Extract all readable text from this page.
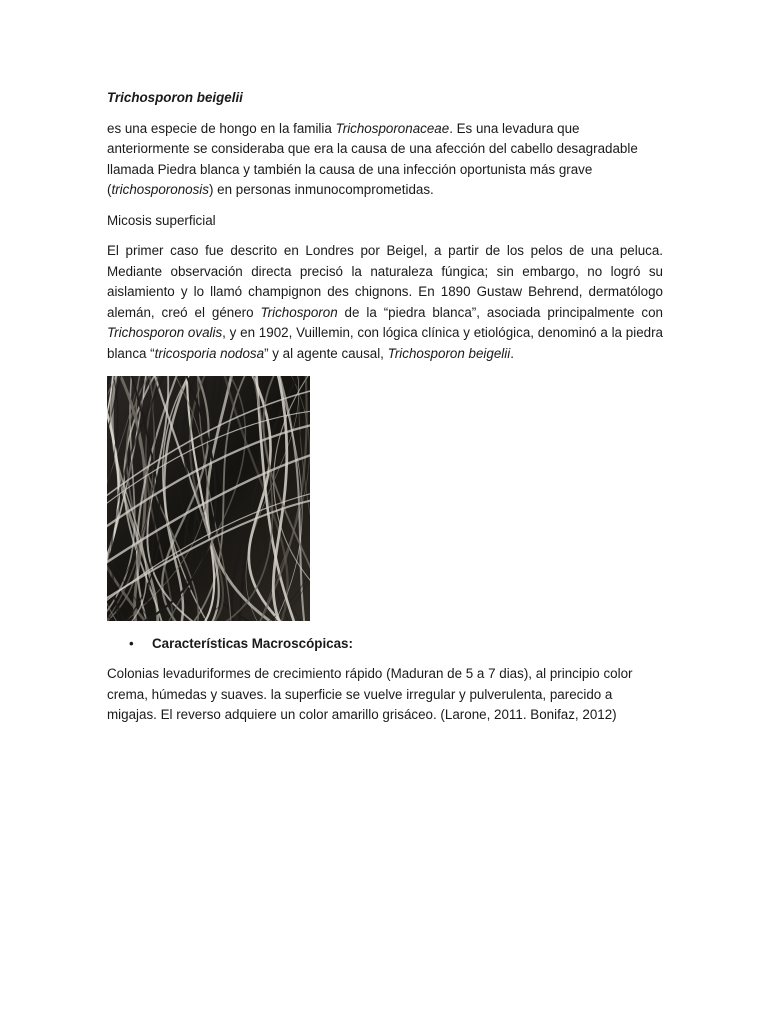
Trichosporon beigelii

es una especie de hongo en la familia Trichosporonaceae. Es una levadura que anteriormente se consideraba que era la causa de una afección del cabello desagradable llamada Piedra blanca y también la causa de una infección oportunista más grave (trichosporonosis) en personas inmunocomprometidas.

Micosis superficial

El primer caso fue descrito en Londres por Beigel, a partir de los pelos de una peluca. Mediante observación directa precisó la naturaleza fúngica; sin embargo, no logró su aislamiento y lo llamó champignon des chignons. En 1890 Gustaw Behrend, dermatólogo alemán, creó el género Trichosporon de la “piedra blanca”, asociada principalmente con Trichosporon ovalis, y en 1902, Vuillemin, con lógica clínica y etiológica, denominó a la piedra blanca “tricosporia nodosa” y al agente causal, Trichosporon beigelii.

•	Características Macroscópicas:

Colonias levaduriformes de crecimiento rápido (Maduran de 5 a 7 dias), al principio color crema, húmedas y suaves. la superficie se vuelve irregular y pulverulenta, parecido a migajas. El reverso adquiere un color amarillo grisáceo. (Larone, 2011. Bonifaz, 2012)
